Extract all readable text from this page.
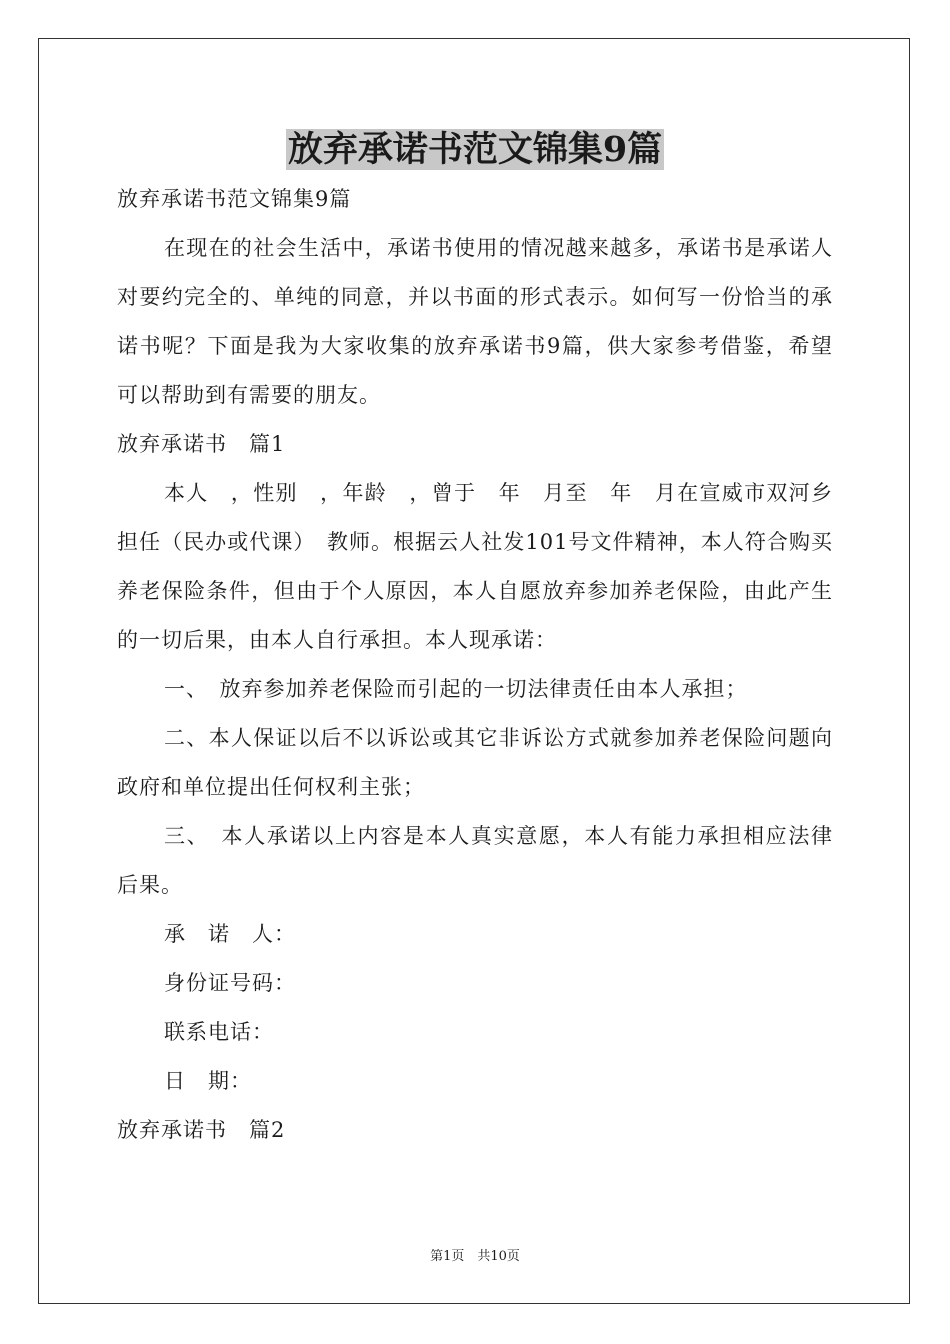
放弃承诺书范文锦集9篇

放弃承诺书范文锦集9篇

在现在的社会生活中，承诺书使用的情况越来越多，承诺书是承诺人对要约完全的、单纯的同意，并以书面的形式表示。如何写一份恰当的承诺书呢？下面是我为大家收集的放弃承诺书9篇，供大家参考借鉴，希望可以帮助到有需要的朋友。

放弃承诺书　篇1

本人　，性别　，年龄　，曾于　年　月至　年　月在宣威市双河乡担任（民办或代课）　教师。根据云人社发101号文件精神，本人符合购买养老保险条件，但由于个人原因，本人自愿放弃参加养老保险，由此产生的一切后果，由本人自行承担。本人现承诺：

一、　放弃参加养老保险而引起的一切法律责任由本人承担；

二、本人保证以后不以诉讼或其它非诉讼方式就参加养老保险问题向政府和单位提出任何权利主张；

三、　本人承诺以上内容是本人真实意愿，本人有能力承担相应法律后果。

承　诺　人：

身份证号码：

联系电话：

日　期：

放弃承诺书　篇2

第1页　共10页
